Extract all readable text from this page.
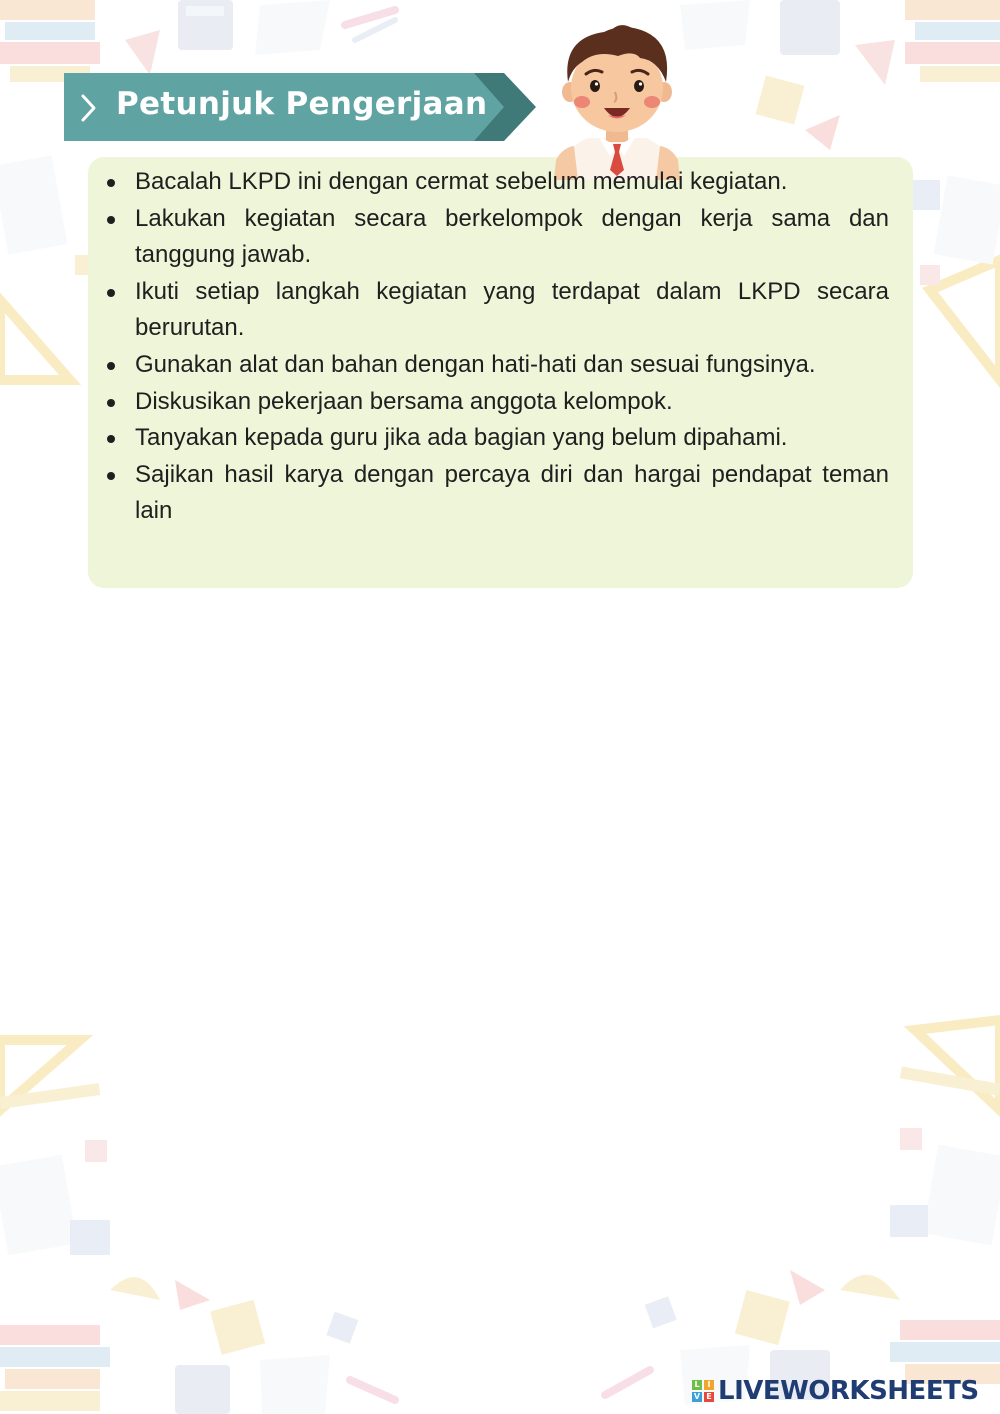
Petunjuk Pengerjaan
Bacalah LKPD ini dengan cermat sebelum memulai kegiatan.
Lakukan kegiatan secara berkelompok dengan kerja sama dan tanggung jawab.
Ikuti setiap langkah kegiatan yang terdapat dalam LKPD secara berurutan.
Gunakan alat dan bahan dengan hati-hati dan sesuai fungsinya.
Diskusikan pekerjaan bersama anggota kelompok.
Tanyakan kepada guru jika ada bagian yang belum dipahami.
Sajikan hasil karya dengan percaya diri dan hargai pendapat teman lain
L I
V E LIVEWORKSHEETS
